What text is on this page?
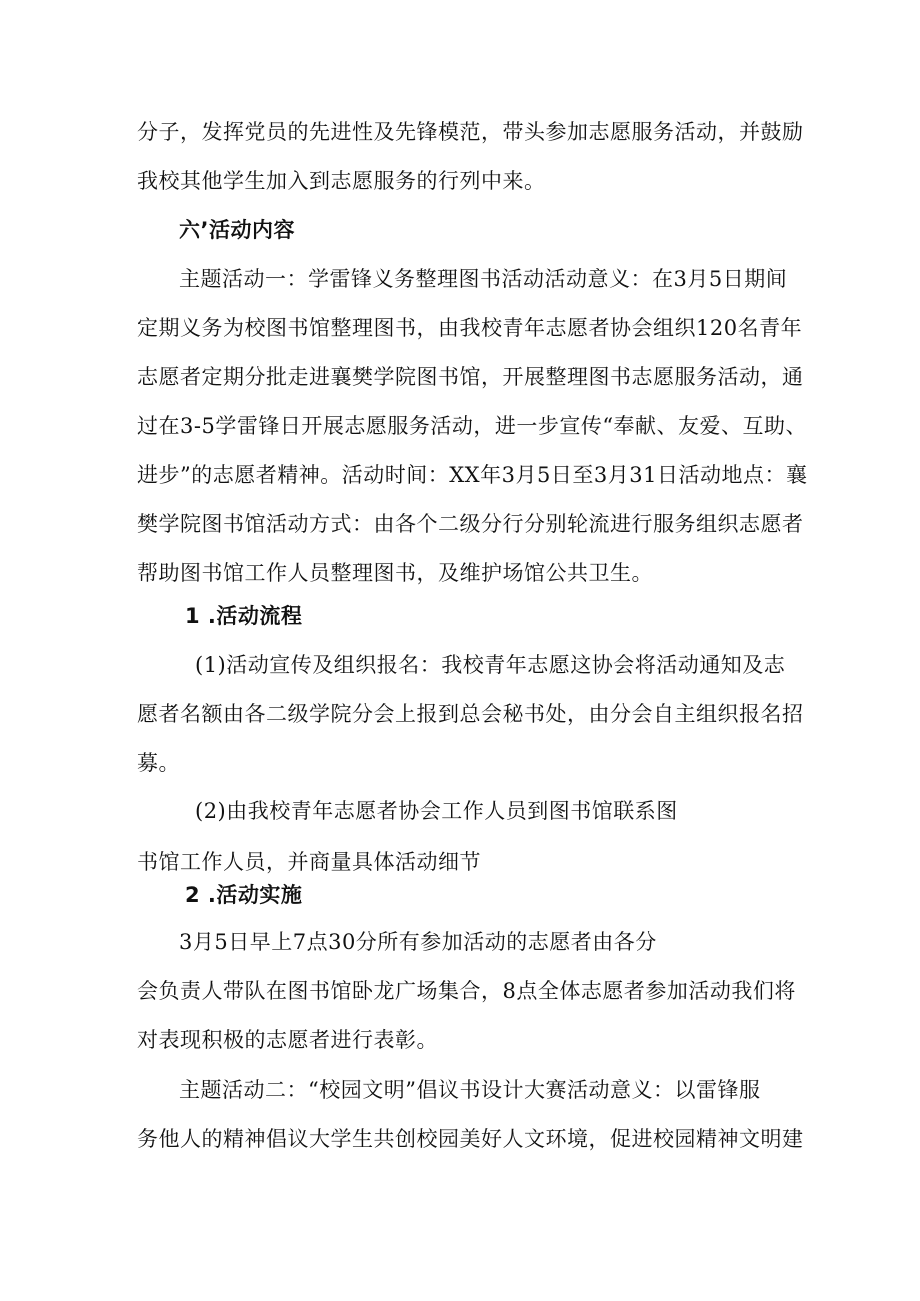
分子，发挥党员的先进性及先锋模范，带头参加志愿服务活动，并鼓励
我校其他学生加入到志愿服务的行列中来。
六’活动内容
主题活动一：学雷锋义务整理图书活动活动意义：在3月5日期间
定期义务为校图书馆整理图书，由我校青年志愿者协会组织120名青年
志愿者定期分批走进襄樊学院图书馆，开展整理图书志愿服务活动，通
过在3-5学雷锋日开展志愿服务活动，进一步宣传“奉献、友爱、互助、
进步”的志愿者精神。活动时间：XX年3月5日至3月31日活动地点：襄
樊学院图书馆活动方式：由各个二级分行分别轮流进行服务组织志愿者
帮助图书馆工作人员整理图书，及维护场馆公共卫生。
1 .活动流程
(1)活动宣传及组织报名：我校青年志愿这协会将活动通知及志
愿者名额由各二级学院分会上报到总会秘书处，由分会自主组织报名招
募。
(2)由我校青年志愿者协会工作人员到图书馆联系图
书馆工作人员，并商量具体活动细节
2 .活动实施
3月5日早上7点30分所有参加活动的志愿者由各分
会负责人带队在图书馆卧龙广场集合，8点全体志愿者参加活动我们将
对表现积极的志愿者进行表彰。
主题活动二：“校园文明”倡议书设计大赛活动意义：以雷锋服
务他人的精神倡议大学生共创校园美好人文环境，促进校园精神文明建
